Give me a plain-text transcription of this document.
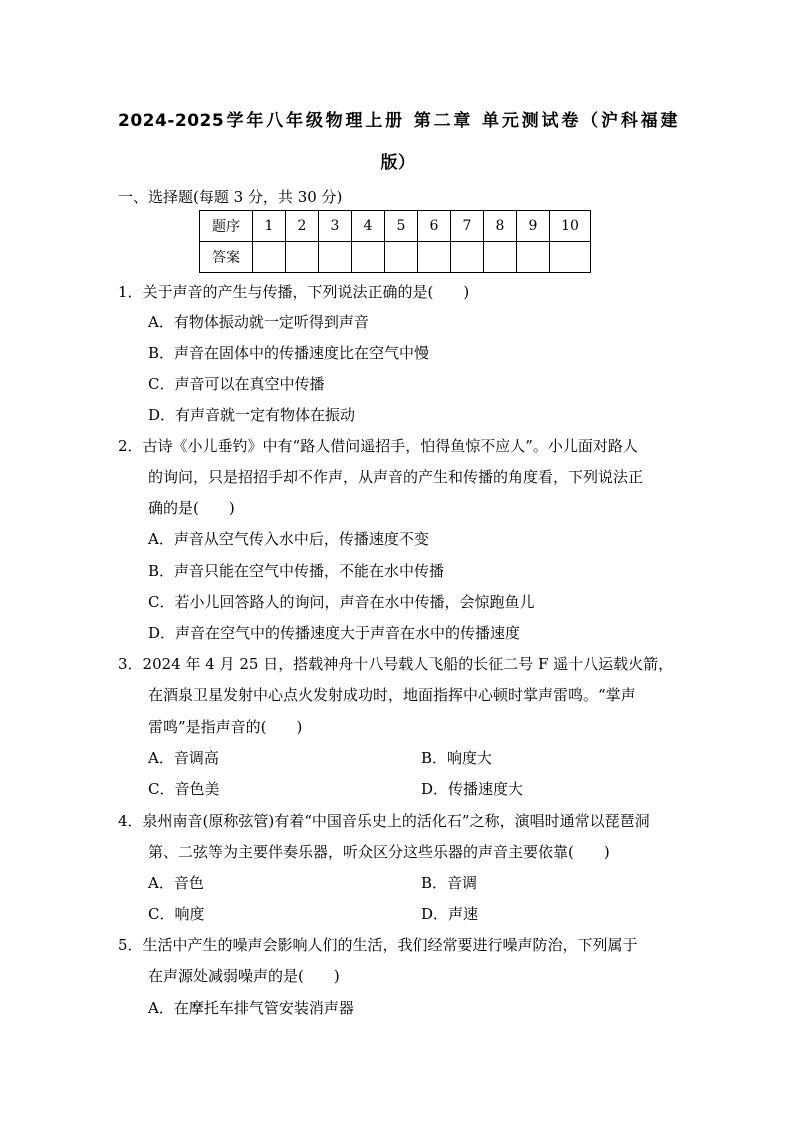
2024-2025学年八年级物理上册 第二章 单元测试卷（沪科福建
版）
一、选择题(每题 3 分，共 30 分)
题序	1	2	3	4	5	6	7	8	9	10
答案										
1．关于声音的产生与传播，下列说法正确的是(　　)
A．有物体振动就一定听得到声音
B．声音在固体中的传播速度比在空气中慢
C．声音可以在真空中传播
D．有声音就一定有物体在振动
2．古诗《小儿垂钓》中有“路人借问遥招手，怕得鱼惊不应人”。小儿面对路人
的询问，只是招招手却不作声，从声音的产生和传播的角度看，下列说法正
确的是(　　)
A．声音从空气传入水中后，传播速度不变
B．声音只能在空气中传播，不能在水中传播
C．若小儿回答路人的询问，声音在水中传播，会惊跑鱼儿
D．声音在空气中的传播速度大于声音在水中的传播速度
3．2024 年 4 月 25 日，搭载神舟十八号载人飞船的长征二号 F 遥十八运载火箭，
在酒泉卫星发射中心点火发射成功时，地面指挥中心顿时掌声雷鸣。“掌声
雷鸣”是指声音的(　　)
A．音调高	B．响度大
C．音色美	D．传播速度大
4．泉州南音(原称弦管)有着“中国音乐史上的活化石”之称，演唱时通常以琵琶洞
第、二弦等为主要伴奏乐器，听众区分这些乐器的声音主要依靠(　　)
A．音色	B．音调
C．响度	D．声速
5．生活中产生的噪声会影响人们的生活，我们经常要进行噪声防治，下列属于
在声源处减弱噪声的是(　　)
A．在摩托车排气管安装消声器
